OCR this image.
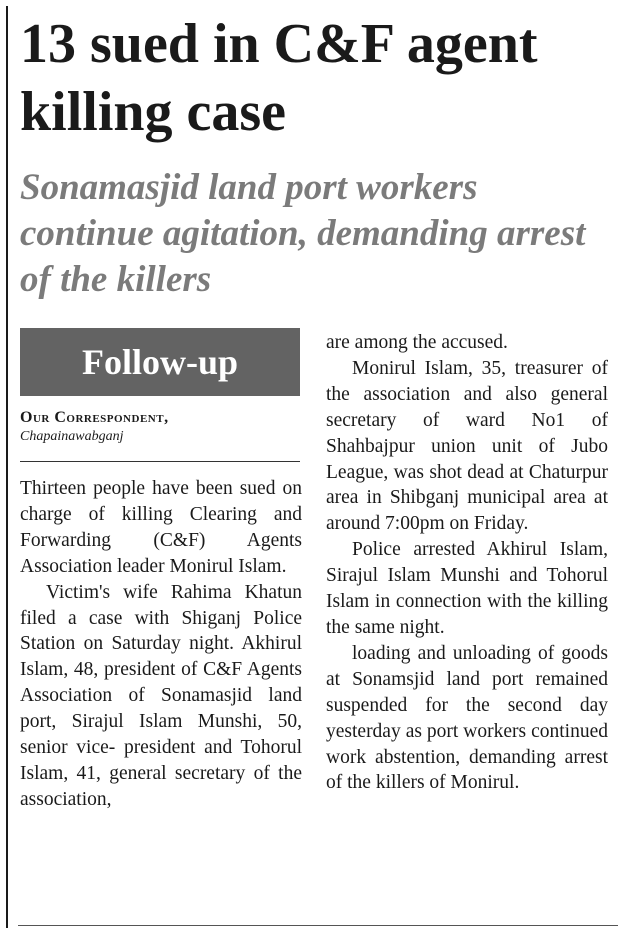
13 sued in C&F agent killing case
Sonamasjid land port workers continue agitation, demanding arrest of the killers
Follow-up
Our Correspondent,
Chapainawabganj

Thirteen people have been sued on charge of killing Clearing and Forwarding (C&F) Agents Association leader Monirul Islam.

Victim's wife Rahima Khatun filed a case with Shiganj Police Station on Saturday night. Akhirul Islam, 48, president of C&F Agents Association of Sonamasjid land port, Sirajul Islam Munshi, 50, senior vice- president and Tohorul Islam, 41, general secretary of the association,

are among the accused.

Monirul Islam, 35, treasurer of the association and also general secretary of ward No1 of Shahbajpur union unit of Jubo League, was shot dead at Chaturpur area in Shibganj municipal area at around 7:00pm on Friday.

Police arrested Akhirul Islam, Sirajul Islam Munshi and Tohorul Islam in connection with the killing the same night.

loading and unloading of goods at Sonamsjid land port remained suspended for the second day yesterday as port workers continued work abstention, demanding arrest of the killers of Monirul.
